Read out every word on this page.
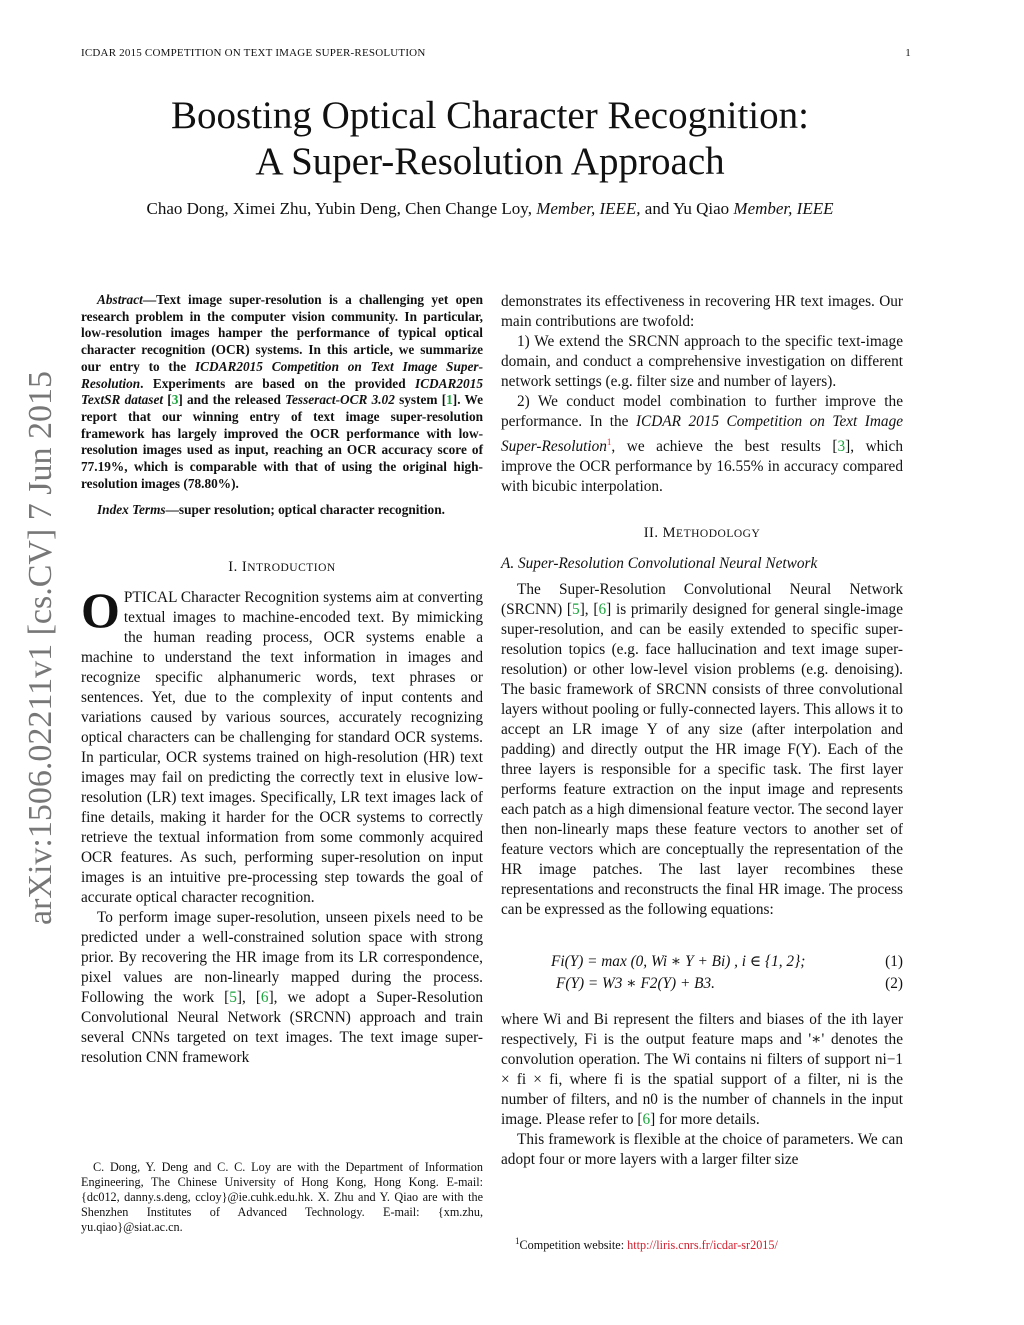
ICDAR 2015 COMPETITION ON TEXT IMAGE SUPER-RESOLUTION	1
Boosting Optical Character Recognition:
A Super-Resolution Approach
Chao Dong, Ximei Zhu, Yubin Deng, Chen Change Loy, Member, IEEE, and Yu Qiao Member, IEEE
arXiv:1506.02211v1 [cs.CV] 7 Jun 2015
Abstract—Text image super-resolution is a challenging yet open research problem in the computer vision community. In particular, low-resolution images hamper the performance of typical optical character recognition (OCR) systems. In this article, we summarize our entry to the ICDAR2015 Competition on Text Image Super-Resolution. Experiments are based on the provided ICDAR2015 TextSR dataset [3] and the released Tesseract-OCR 3.02 system [1]. We report that our winning entry of text image super-resolution framework has largely improved the OCR performance with low-resolution images used as input, reaching an OCR accuracy score of 77.19%, which is comparable with that of using the original high-resolution images (78.80%).
Index Terms—super resolution; optical character recognition.
I. INTRODUCTION

OPTICAL Character Recognition systems aim at converting textual images to machine-encoded text. By mimicking the human reading process, OCR systems enable a machine to understand the text information in images and recognize specific alphanumeric words, text phrases or sentences. Yet, due to the complexity of input contents and variations caused by various sources, accurately recognizing optical characters can be challenging for standard OCR systems. In particular, OCR systems trained on high-resolution (HR) text images may fail on predicting the correctly text in elusive low-resolution (LR) text images. Specifically, LR text images lack of fine details, making it harder for the OCR systems to correctly retrieve the textual information from some commonly acquired OCR features. As such, performing super-resolution on input images is an intuitive pre-processing step towards the goal of accurate optical character recognition.

To perform image super-resolution, unseen pixels need to be predicted under a well-constrained solution space with strong prior. By recovering the HR image from its LR correspondence, pixel values are non-linearly mapped during the process. Following the work [5], [6], we adopt a Super-Resolution Convolutional Neural Network (SRCNN) approach and train several CNNs targeted on text images. The text image super-resolution CNN framework

C. Dong, Y. Deng and C. C. Loy are with the Department of Information Engineering, The Chinese University of Hong Kong, Hong Kong. E-mail: {dc012, danny.s.deng, ccloy}@ie.cuhk.edu.hk. X. Zhu and Y. Qiao are with the Shenzhen Institutes of Advanced Technology. E-mail: {xm.zhu, yu.qiao}@siat.ac.cn.

demonstrates its effectiveness in recovering HR text images. Our main contributions are twofold:

1) We extend the SRCNN approach to the specific text-image domain, and conduct a comprehensive investigation on different network settings (e.g. filter size and number of layers).

2) We conduct model combination to further improve the performance. In the ICDAR 2015 Competition on Text Image Super-Resolution$^1$, we achieve the best results [3], which improve the OCR performance by 16.55% in accuracy compared with bicubic interpolation.

II. METHODOLOGY
A. Super-Resolution Convolutional Neural Network

The Super-Resolution Convolutional Neural Network (SRCNN) [5], [6] is primarily designed for general single-image super-resolution, and can be easily extended to specific super-resolution topics (e.g. face hallucination and text image super-resolution) or other low-level vision problems (e.g. denoising). The basic framework of SRCNN consists of three convolutional layers without pooling or fully-connected layers. This allows it to accept an LR image Y of any size (after interpolation and padding) and directly output the HR image F(Y). Each of the three layers is responsible for a specific task. The first layer performs feature extraction on the input image and represents each patch as a high dimensional feature vector. The second layer then non-linearly maps these feature vectors to another set of feature vectors which are conceptually the representation of the HR image patches. The last layer recombines these representations and reconstructs the final HR image. The process can be expressed as the following equations:

Fi(Y) = max (0, Wi ∗ Y + Bi) , i ∈ {1, 2};	(1)
F(Y) = W3 ∗ F2(Y) + B3.	(2)

where Wi and Bi represent the filters and biases of the ith layer respectively, Fi is the output feature maps and '∗' denotes the convolution operation. The Wi contains ni filters of support ni−1 × fi × fi, where fi is the spatial support of a filter, ni is the number of filters, and n0 is the number of channels in the input image. Please refer to [6] for more details.

This framework is flexible at the choice of parameters. We can adopt four or more layers with a larger filter size

$^1$Competition website: http://liris.cnrs.fr/icdar-sr2015/
